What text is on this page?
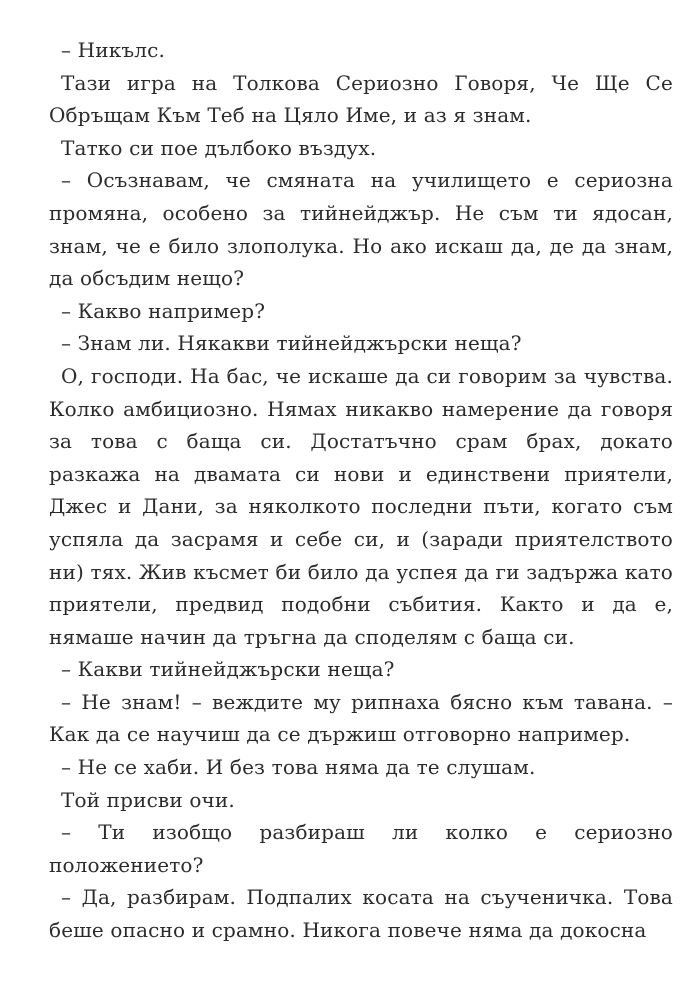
– Никълс.

Тази игра на Толкова Сериозно Говоря, Че Ще Се Обръщам Към Теб на Цяло Име, и аз я знам.

Татко си пое дълбоко въздух.

– Осъзнавам, че смяната на училището е сериозна промяна, особено за тийнейджър. Не съм ти ядосан, знам, че е било злополука. Но ако искаш да, де да знам, да обсъдим нещо?

– Какво например?

– Знам ли. Някакви тийнейджърски неща?

О, господи. На бас, че искаше да си говорим за чувства. Колко амбициозно. Нямах никакво намерение да говоря за това с баща си. Достатъчно срам брах, докато разкажа на двамата си нови и единствени приятели, Джес и Дани, за няколкото последни пъти, когато съм успяла да засрамя и себе си, и (заради приятелството ни) тях. Жив късмет би било да успея да ги задържа като приятели, предвид подобни събития. Както и да е, нямаше начин да тръгна да споделям с баща си.

– Какви тийнейджърски неща?

– Не знам! – веждите му рипнаха бясно към тавана. – Как да се научиш да се държиш отговорно например.

– Не се хаби. И без това няма да те слушам.

Той присви очи.

– Ти изобщо разбираш ли колко е сериозно положението?

– Да, разбирам. Подпалих косата на съученичка. Това беше опасно и срамно. Никога повече няма да докосна
